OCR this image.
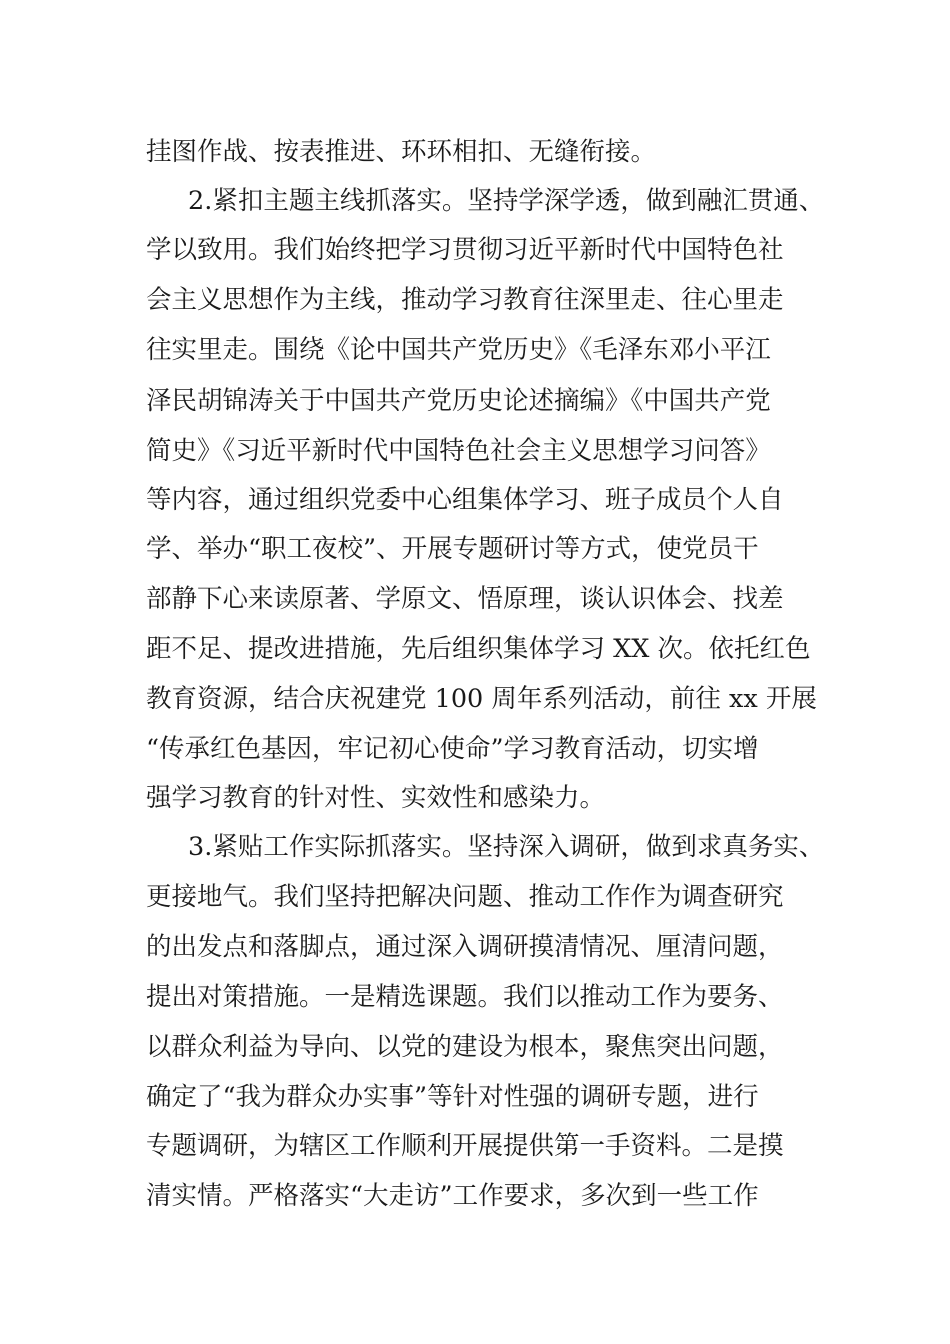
挂图作战、按表推进、环环相扣、无缝衔接。
2.紧扣主题主线抓落实。坚持学深学透，做到融汇贯通、
学以致用。我们始终把学习贯彻习近平新时代中国特色社
会主义思想作为主线，推动学习教育往深里走、往心里走
往实里走。围绕《论中国共产党历史》《毛泽东邓小平江
泽民胡锦涛关于中国共产党历史论述摘编》《中国共产党
简史》《习近平新时代中国特色社会主义思想学习问答》
等内容，通过组织党委中心组集体学习、班子成员个人自
学、举办“职工夜校”、开展专题研讨等方式，使党员干
部静下心来读原著、学原文、悟原理，谈认识体会、找差
距不足、提改进措施，先后组织集体学习 XX 次。依托红色
教育资源，结合庆祝建党 100 周年系列活动，前往 xx 开展
“传承红色基因，牢记初心使命”学习教育活动，切实增
强学习教育的针对性、实效性和感染力。
3.紧贴工作实际抓落实。坚持深入调研，做到求真务实、
更接地气。我们坚持把解决问题、推动工作作为调查研究
的出发点和落脚点，通过深入调研摸清情况、厘清问题，
提出对策措施。一是精选课题。我们以推动工作为要务、
以群众利益为导向、以党的建设为根本，聚焦突出问题，
确定了“我为群众办实事”等针对性强的调研专题，进行
专题调研，为辖区工作顺利开展提供第一手资料。二是摸
清实情。严格落实“大走访”工作要求，多次到一些工作
